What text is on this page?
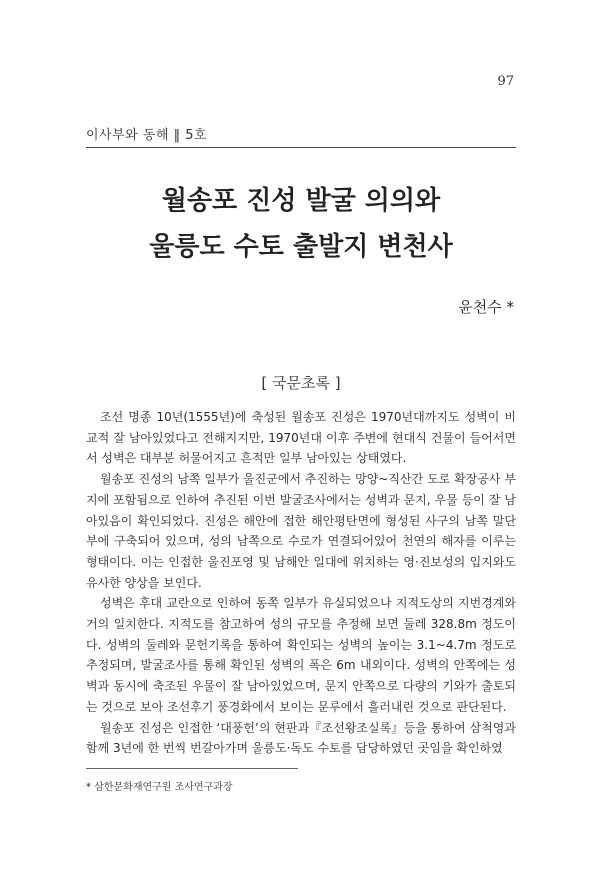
97
이사부와 동해 ‖ 5호
월송포 진성 발굴 의의와
울릉도 수토 출발지 변천사
윤천수 *
[ 국문초록 ]

조선 명종 10년(1555년)에 축성된 월송포 진성은 1970년대까지도 성벽이 비교적 잘 남아있었다고 전해지지만, 1970년대 이후 주변에 현대식 건물이 들어서면서 성벽은 대부분 허물어지고 흔적만 일부 남아있는 상태였다.

월송포 진성의 남쪽 일부가 울진군에서 추진하는 망양~직산간 도로 확장공사 부지에 포함됨으로 인하여 추진된 이번 발굴조사에서는 성벽과 문지, 우물 등이 잘 남아있음이 확인되었다. 진성은 해안에 접한 해안평탄면에 형성된 사구의 남쪽 말단부에 구축되어 있으며, 성의 남쪽으로 수로가 연결되어있어 천연의 해자를 이루는 형태이다. 이는 인접한 울진포영 및 남해안 일대에 위치하는 영·진보성의 입지와도 유사한 양상을 보인다.

성벽은 후대 교란으로 인하여 동쪽 일부가 유실되었으나 지적도상의 지번경계와 거의 일치한다. 지적도를 참고하여 성의 규모를 추정해 보면 둘레 328.8m 정도이다. 성벽의 둘레와 문헌기록을 통하여 확인되는 성벽의 높이는 3.1~4.7m 정도로 추정되며, 발굴조사를 통해 확인된 성벽의 폭은 6m 내외이다. 성벽의 안쪽에는 성벽과 동시에 축조된 우물이 잘 남아있었으며, 문지 안쪽으로 다량의 기와가 출토되는 것으로 보아 조선후기 풍경화에서 보이는 문루에서 흘러내린 것으로 판단된다.

월송포 진성은 인접한 ‘대풍헌’의 현판과『조선왕조실록』등을 통하여 삼척영과 함께 3년에 한 번씩 번갈아가며 울릉도·독도 수토를 담당하였던 곳임을 확인하였

* 삼한문화재연구원 조사연구과장
